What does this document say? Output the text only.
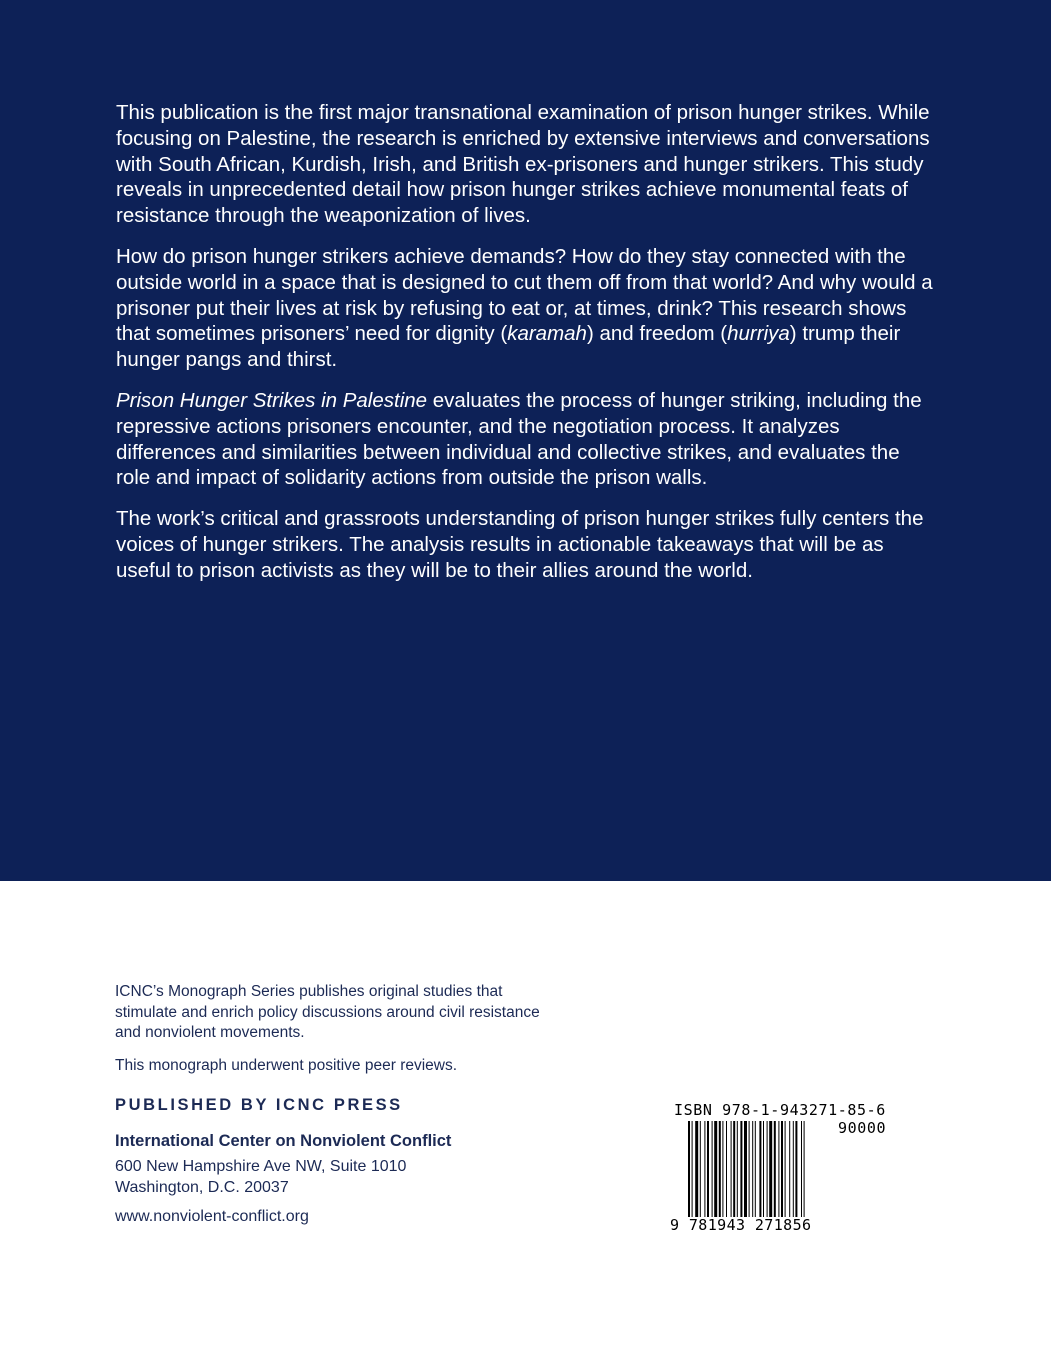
This publication is the first major transnational examination of prison hunger strikes. While focusing on Palestine, the research is enriched by extensive interviews and conversations with South African, Kurdish, Irish, and British ex-prisoners and hunger strikers. This study reveals in unprecedented detail how prison hunger strikes achieve monumental feats of resistance through the weaponization of lives.

How do prison hunger strikers achieve demands? How do they stay connected with the outside world in a space that is designed to cut them off from that world? And why would a prisoner put their lives at risk by refusing to eat or, at times, drink? This research shows that sometimes prisoners’ need for dignity (karamah) and freedom (hurriya) trump their hunger pangs and thirst.

Prison Hunger Strikes in Palestine evaluates the process of hunger striking, including the repressive actions prisoners encounter, and the negotiation process. It analyzes differences and similarities between individual and collective strikes, and evaluates the role and impact of solidarity actions from outside the prison walls.

The work’s critical and grassroots understanding of prison hunger strikes fully centers the voices of hunger strikers. The analysis results in actionable takeaways that will be as useful to prison activists as they will be to their allies around the world.

ICNC’s Monograph Series publishes original studies that stimulate and enrich policy discussions around civil resistance and nonviolent movements.

This monograph underwent positive peer reviews.

PUBLISHED BY ICNC PRESS

International Center on Nonviolent Conflict

600 New Hampshire Ave NW, Suite 1010
Washington, D.C. 20037

www.nonviolent-conflict.org

ISBN 978-1-943271-85-6
90000
9 781943 271856
